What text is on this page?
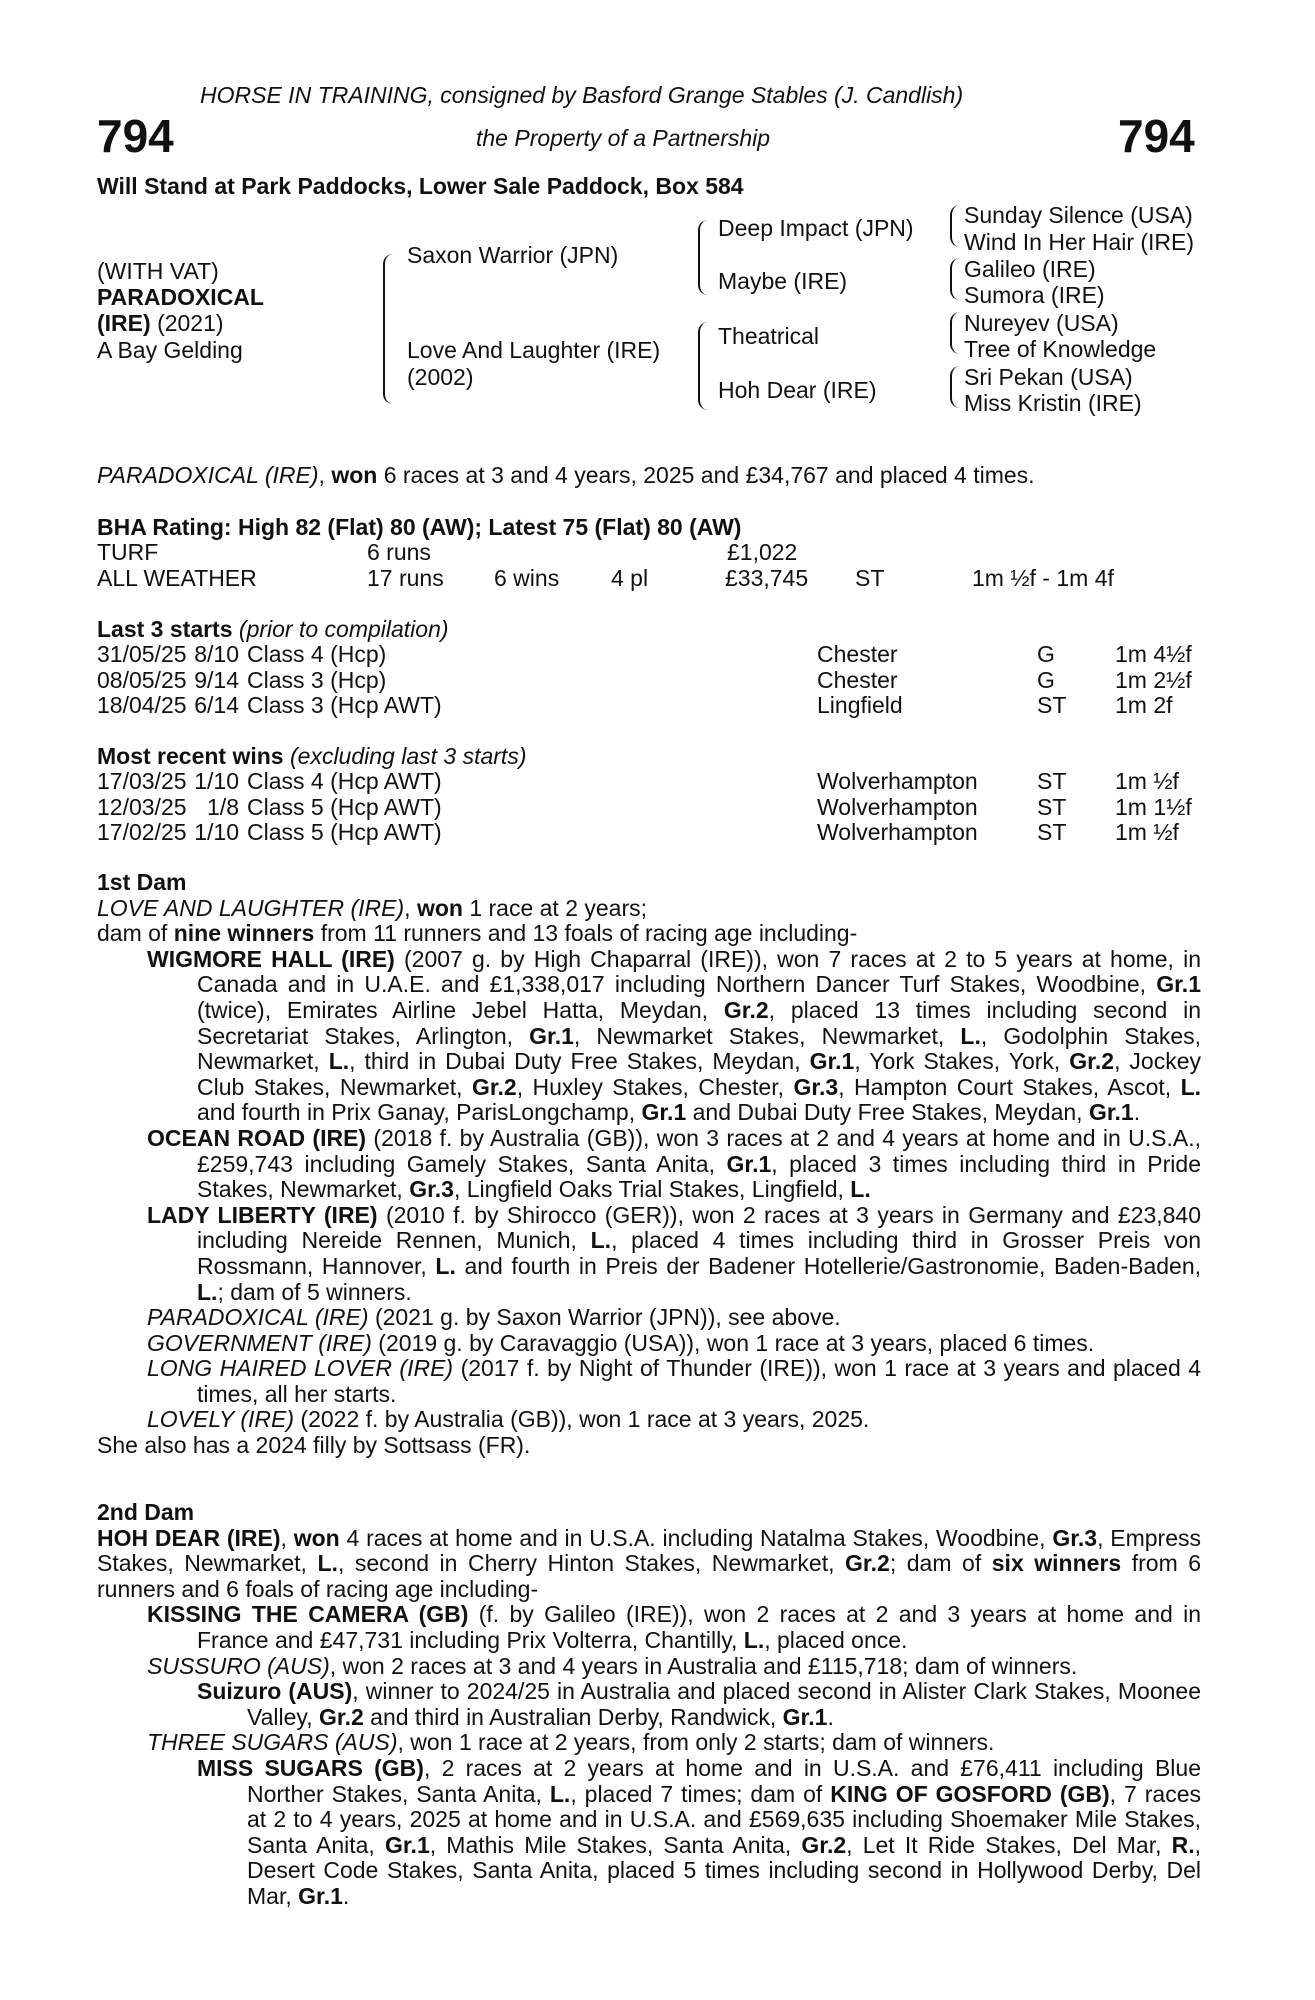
HORSE IN TRAINING, consigned by Basford Grange Stables (J. Candlish)
794	the Property of a Partnership	794
Will Stand at Park Paddocks, Lower Sale Paddock, Box 584
(WITH VAT)
PARADOXICAL
(IRE) (2021)
A Bay Gelding
Saxon Warrior (JPN)
Love And Laughter (IRE)
(2002)
Deep Impact (JPN)
Maybe (IRE)
Theatrical
Hoh Dear (IRE)
Sunday Silence (USA)
Wind In Her Hair (IRE)
Galileo (IRE)
Sumora (IRE)
Nureyev (USA)
Tree of Knowledge
Sri Pekan (USA)
Miss Kristin (IRE)
PARADOXICAL (IRE), won 6 races at 3 and 4 years, 2025 and £34,767 and placed 4 times.
BHA Rating: High 82 (Flat) 80 (AW); Latest 75 (Flat) 80 (AW)
TURF	6 runs	£1,022
ALL WEATHER	17 runs 6 wins 4 pl	£33,745 ST	1m ½f - 1m 4f
Last 3 starts (prior to compilation)
31/05/25 8/10 Class 4 (Hcp)	Chester	G	1m 4½f
08/05/25 9/14 Class 3 (Hcp)	Chester	G	1m 2½f
18/04/25 6/14 Class 3 (Hcp AWT)	Lingfield	ST 1m 2f
Most recent wins (excluding last 3 starts)
17/03/25 1/10 Class 4 (Hcp AWT)	Wolverhampton	ST 1m ½f
12/03/25 1/8 Class 5 (Hcp AWT)	Wolverhampton	ST 1m 1½f
17/02/25 1/10 Class 5 (Hcp AWT)	Wolverhampton	ST 1m ½f

1st Dam

LOVE AND LAUGHTER (IRE), won 1 race at 2 years;

dam of nine winners from 11 runners and 13 foals of racing age including-

WIGMORE HALL (IRE) (2007 g. by High Chaparral (IRE)), won 7 races at 2 to 5 years at home, in Canada and in U.A.E. and £1,338,017 including Northern Dancer Turf Stakes, Woodbine, Gr.1 (twice), Emirates Airline Jebel Hatta, Meydan, Gr.2, placed 13 times including second in Secretariat Stakes, Arlington, Gr.1, Newmarket Stakes, Newmarket, L., Godolphin Stakes, Newmarket, L., third in Dubai Duty Free Stakes, Meydan, Gr.1, York Stakes, York, Gr.2, Jockey Club Stakes, Newmarket, Gr.2, Huxley Stakes, Chester, Gr.3, Hampton Court Stakes, Ascot, L. and fourth in Prix Ganay, ParisLongchamp, Gr.1 and Dubai Duty Free Stakes, Meydan, Gr.1.

OCEAN ROAD (IRE) (2018 f. by Australia (GB)), won 3 races at 2 and 4 years at home and in U.S.A., £259,743 including Gamely Stakes, Santa Anita, Gr.1, placed 3 times including third in Pride Stakes, Newmarket, Gr.3, Lingfield Oaks Trial Stakes, Lingfield, L.

LADY LIBERTY (IRE) (2010 f. by Shirocco (GER)), won 2 races at 3 years in Germany and £23,840 including Nereide Rennen, Munich, L., placed 4 times including third in Grosser Preis von Rossmann, Hannover, L. and fourth in Preis der Badener Hotellerie/Gastronomie, Baden-Baden, L.; dam of 5 winners.

PARADOXICAL (IRE) (2021 g. by Saxon Warrior (JPN)), see above.

GOVERNMENT (IRE) (2019 g. by Caravaggio (USA)), won 1 race at 3 years, placed 6 times.

LONG HAIRED LOVER (IRE) (2017 f. by Night of Thunder (IRE)), won 1 race at 3 years and placed 4 times, all her starts.

LOVELY (IRE) (2022 f. by Australia (GB)), won 1 race at 3 years, 2025.

She also has a 2024 filly by Sottsass (FR).

2nd Dam

HOH DEAR (IRE), won 4 races at home and in U.S.A. including Natalma Stakes, Woodbine, Gr.3, Empress Stakes, Newmarket, L., second in Cherry Hinton Stakes, Newmarket, Gr.2; dam of six winners from 6 runners and 6 foals of racing age including-

KISSING THE CAMERA (GB) (f. by Galileo (IRE)), won 2 races at 2 and 3 years at home and in France and £47,731 including Prix Volterra, Chantilly, L., placed once.

SUSSURO (AUS), won 2 races at 3 and 4 years in Australia and £115,718; dam of winners.

Suizuro (AUS), winner to 2024/25 in Australia and placed second in Alister Clark Stakes, Moonee Valley, Gr.2 and third in Australian Derby, Randwick, Gr.1.

THREE SUGARS (AUS), won 1 race at 2 years, from only 2 starts; dam of winners.

MISS SUGARS (GB), 2 races at 2 years at home and in U.S.A. and £76,411 including Blue Norther Stakes, Santa Anita, L., placed 7 times; dam of KING OF GOSFORD (GB), 7 races at 2 to 4 years, 2025 at home and in U.S.A. and £569,635 including Shoemaker Mile Stakes, Santa Anita, Gr.1, Mathis Mile Stakes, Santa Anita, Gr.2, Let It Ride Stakes, Del Mar, R., Desert Code Stakes, Santa Anita, placed 5 times including second in Hollywood Derby, Del Mar, Gr.1.
